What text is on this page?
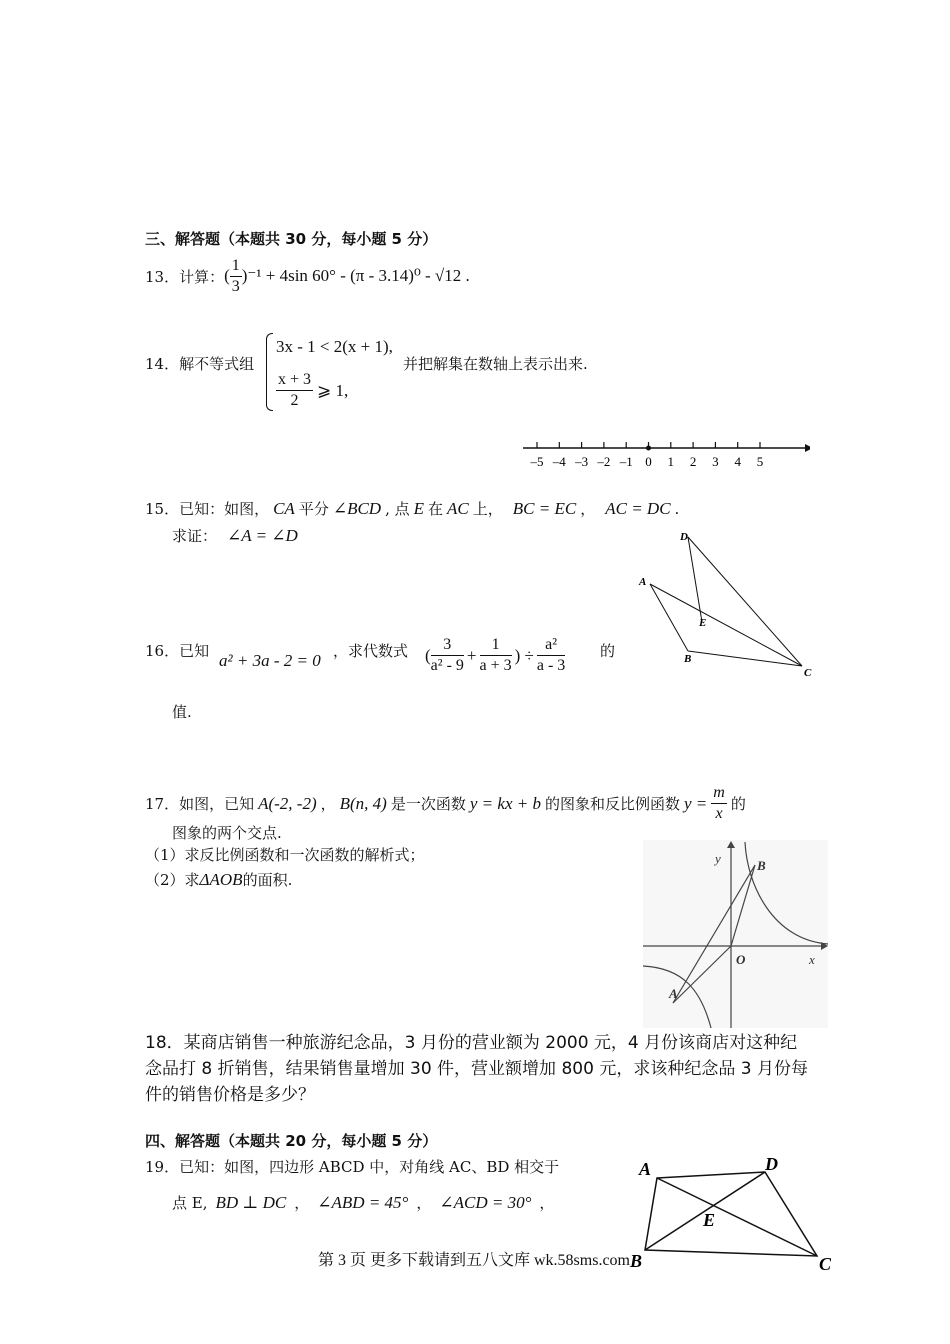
三、解答题（本题共 30 分，每小题 5 分）
13．计算： ( $\frac{1}{3} )^{-1} + 4\sin$ 60° - (π - 3.14)⁰ - √12 .
14．解不等式组
3x - 1 < 2(x + 1),
$\frac{x + 3}{2}$ ⩾ 1,
并把解集在数轴上表示出来.
–5 –4 –3 –2 –1 0 1 2 3 4 5
15．已知：如图， CA 平分 ∠BCD , 点 E 在 AC 上， BC = EC ， AC = DC .
求证： ∠A = ∠D	D
A
E
B
C
16．已知 a² + 3a - 2 = 0 ，求代数式 ( $\frac{3}{\text{a² - 9}} + \frac{1}{a + 3}$ ) ÷ $\frac{\text{a²}}{a - 3}$ 的
值.
17．如图，已知 A(-2, -2) ， B(n, 4) 是一次函数 y = kx + b 的图象和反比例函数 $y = \frac{m}{x}$ 的
图象的两个交点.
（1）求反比例函数和一次函数的解析式；
（2）求 ΔAOB 的面积.
y	B
O	x
A
18．某商店销售一种旅游纪念品，3 月份的营业额为 2000 元，4 月份该商店对这种纪念品打 8 折销售，结果销售量增加 30 件，营业额增加 800 元，求该种纪念品 3 月份每件的销售价格是多少？
四、解答题（本题共 20 分，每小题 5 分）
19．已知：如图，四边形 ABCD 中，对角线 AC、BD 相交于
点 E, BD ⊥ DC ， ∠ABD = 45° ， ∠ACD = 30° ，
A	D
E
B	C
第 3 页 更多下载请到五八文库 wk.58sms.com
